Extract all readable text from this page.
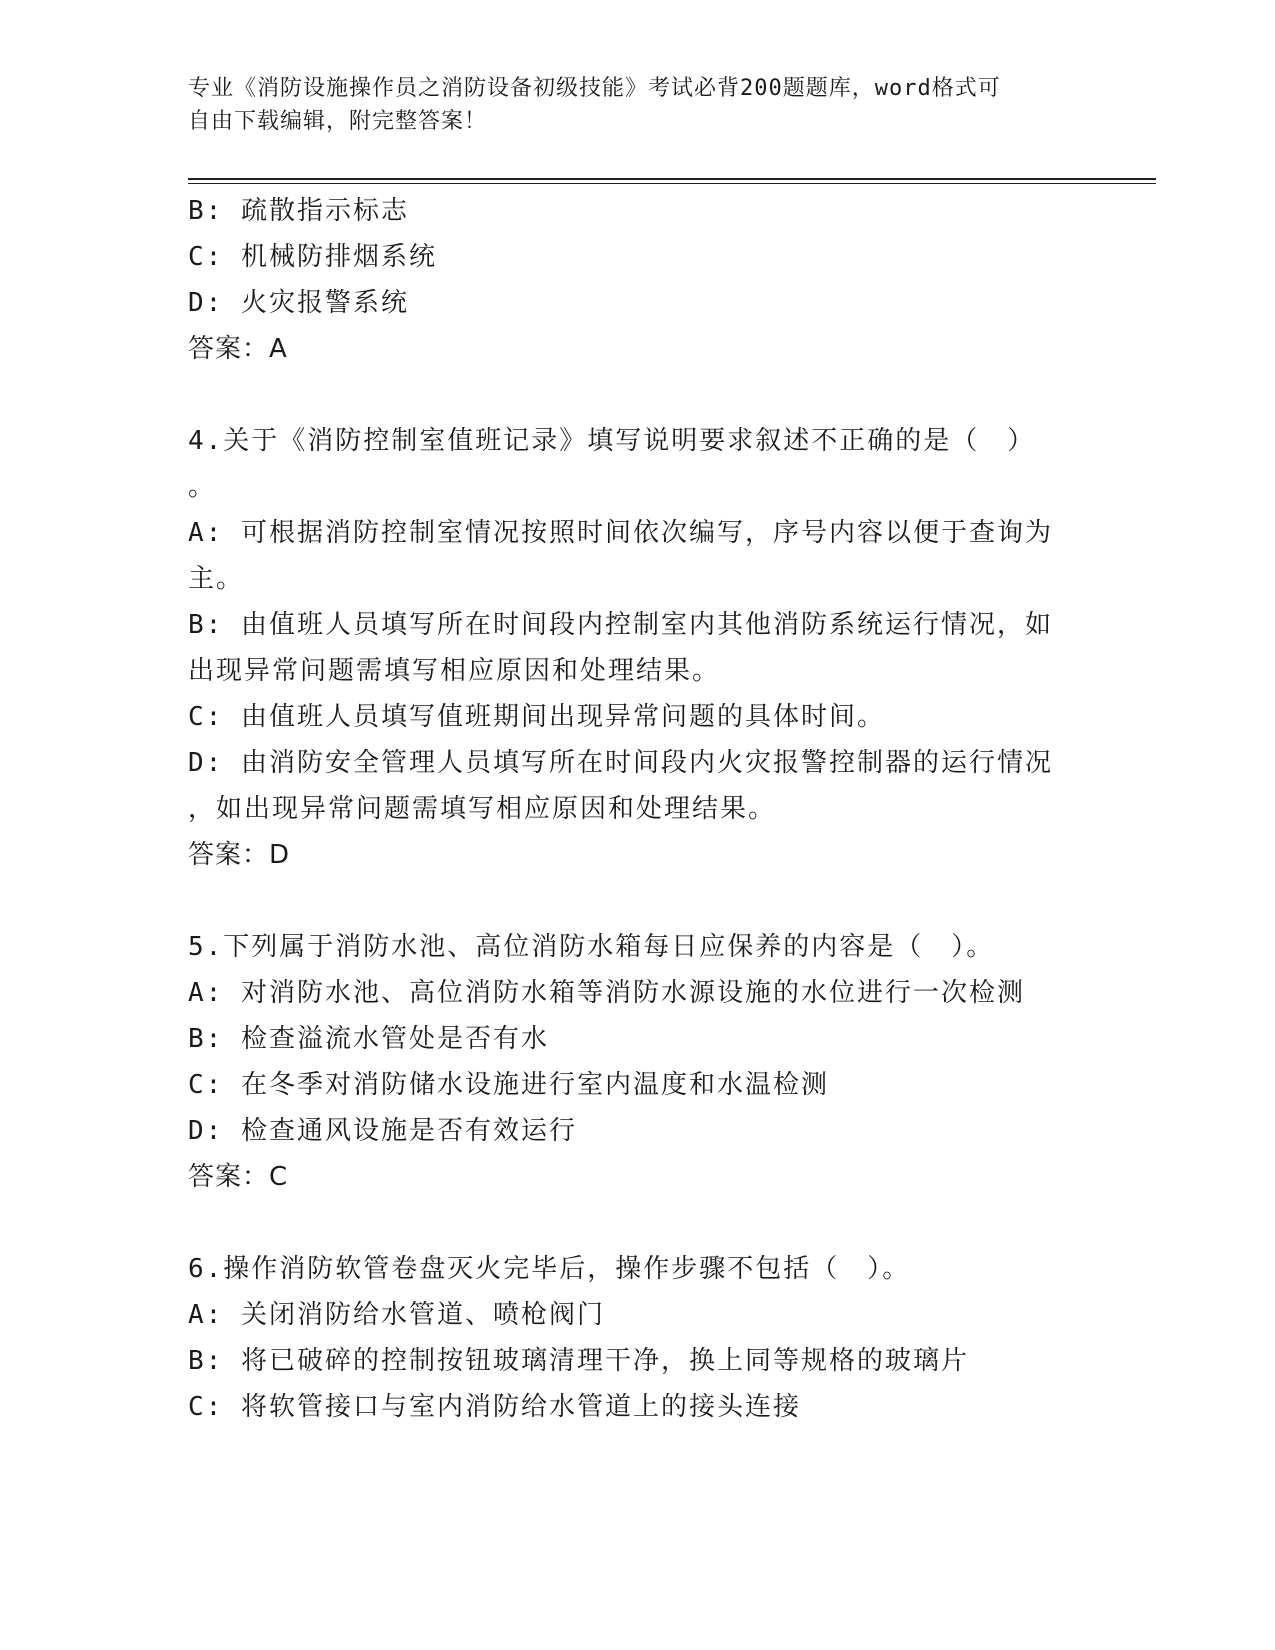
专业《消防设施操作员之消防设备初级技能》考试必背200题题库，word格式可
自由下载编辑，附完整答案！

B: 疏散指示标志

C: 机械防排烟系统

D: 火灾报警系统

答案：A

4.关于《消防控制室值班记录》填写说明要求叙述不正确的是（　）

。

A: 可根据消防控制室情况按照时间依次编写，序号内容以便于查询为

主。

B: 由值班人员填写所在时间段内控制室内其他消防系统运行情况，如

出现异常问题需填写相应原因和处理结果。

C: 由值班人员填写值班期间出现异常问题的具体时间。

D: 由消防安全管理人员填写所在时间段内火灾报警控制器的运行情况

，如出现异常问题需填写相应原因和处理结果。

答案：D

5.下列属于消防水池、高位消防水箱每日应保养的内容是（　）。

A: 对消防水池、高位消防水箱等消防水源设施的水位进行一次检测

B: 检查溢流水管处是否有水

C: 在冬季对消防储水设施进行室内温度和水温检测

D: 检查通风设施是否有效运行

答案：C

6.操作消防软管卷盘灭火完毕后，操作步骤不包括（　）。

A: 关闭消防给水管道、喷枪阀门

B: 将已破碎的控制按钮玻璃清理干净，换上同等规格的玻璃片

C: 将软管接口与室内消防给水管道上的接头连接
